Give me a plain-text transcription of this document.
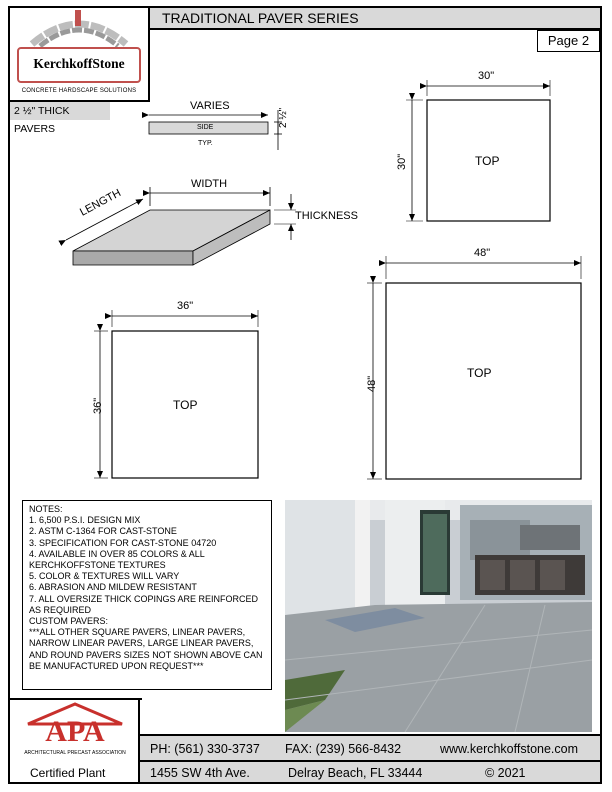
TRADITIONAL PAVER SERIES
Page 2
KerchkoffStone
CONCRETE HARDSCAPE SOLUTIONS
2 ½" THICK PAVERS
VARIES
SIDE
TYP.
2 ½"
WIDTH
LENGTH	THICKNESS
30"
30"	TOP
36"
36"	TOP
48"
48"
TOP
NOTES:
1. 6,500 P.S.I. DESIGN MIX
2. ASTM C-1364 FOR CAST-STONE
3. SPECIFICATION FOR CAST-STONE 04720
4. AVAILABLE IN OVER 85 COLORS & ALL KERCHKOFFSTONE TEXTURES
5. COLOR & TEXTURES WILL VARY
6. ABRASION AND MILDEW RESISTANT
7. ALL OVERSIZE THICK COPINGS ARE REINFORCED AS REQUIRED
CUSTOM PAVERS:
***ALL OTHER SQUARE PAVERS, LINEAR PAVERS, NARROW LINEAR PAVERS, LARGE LINEAR PAVERS, AND ROUND PAVERS SIZES NOT SHOWN ABOVE CAN BE MANUFACTURED UPON REQUEST***
APA
ARCHITECTURAL PRECAST ASSOCIATION
Certified Plant
PH: (561) 330-3737 FAX: (239) 566-8432	www.kerchkoffstone.com
1455 SW 4th Ave.	Delray Beach, FL 33444	© 2021
